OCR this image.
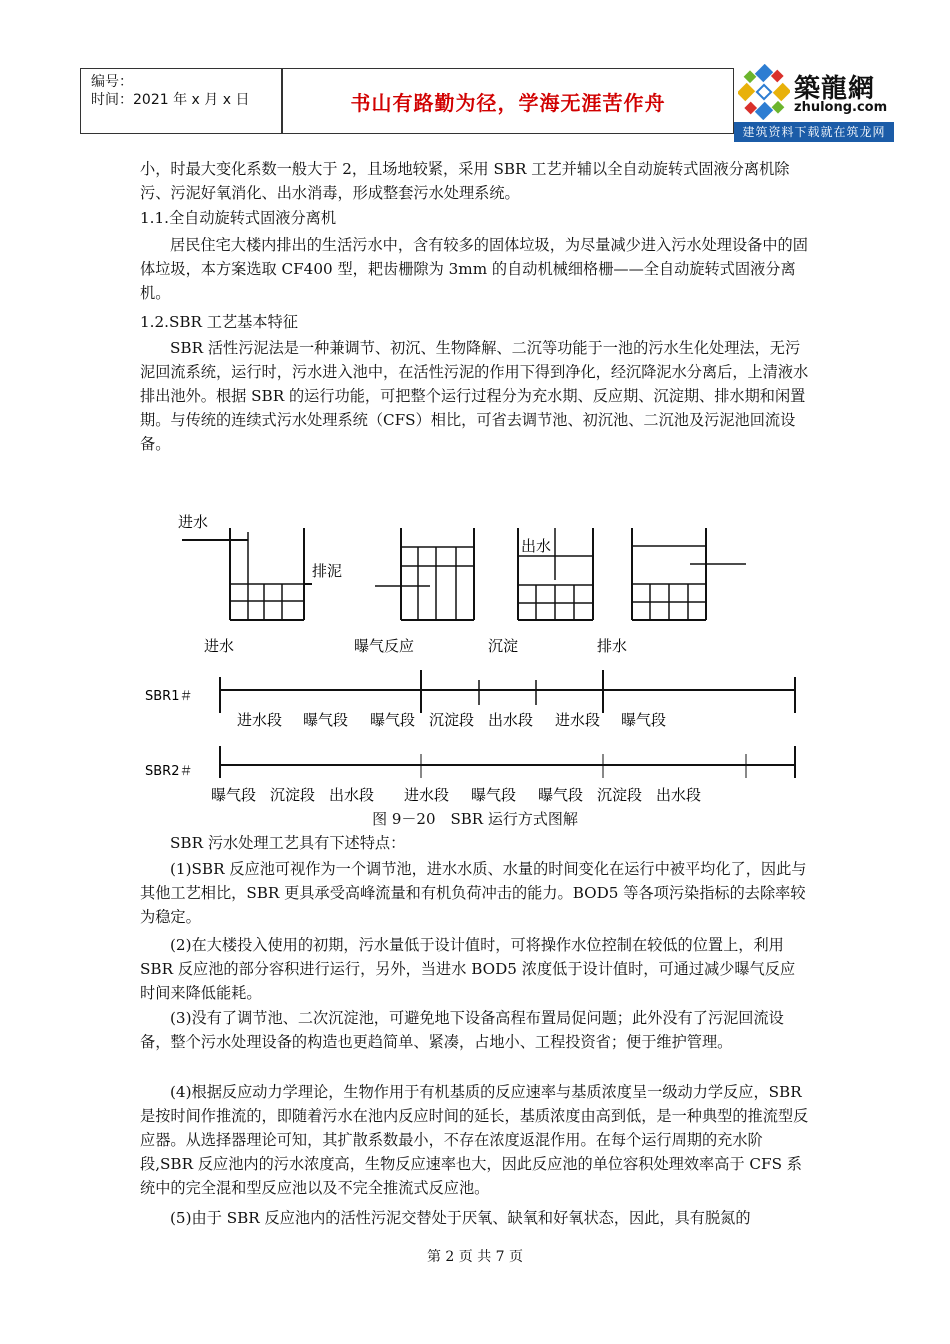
编号：
时间：2021 年 x 月 x 日	书山有路勤为径，学海无涯苦作舟	築龍網
zhulong.com
建筑资料下载就在筑龙网

小，时最大变化系数一般大于 2，且场地较紧，采用 SBR 工艺并辅以全自动旋转式固液分离机除污、污泥好氧消化、出水消毒，形成整套污水处理系统。

1.1.全自动旋转式固液分离机

居民住宅大楼内排出的生活污水中，含有较多的固体垃圾，为尽量减少进入污水处理设备中的固体垃圾，本方案选取 CF400 型，耙齿栅隙为 3mm 的自动机械细格栅——全自动旋转式固液分离机。

1.2.SBR 工艺基本特征

SBR 活性污泥法是一种兼调节、初沉、生物降解、二沉等功能于一池的污水生化处理法，无污泥回流系统，运行时，污水进入池中，在活性污泥的作用下得到净化，经沉降泥水分离后，上清液水排出池外。根据 SBR 的运行功能，可把整个运行过程分为充水期、反应期、沉淀期、排水期和闲置期。与传统的连续式污水处理系统（CFS）相比，可省去调节池、初沉池、二沉池及污泥池回流设备。

进水
排泥
出水
进水	曝气反应	沉淀	排水
SBR1＃
进水段 曝气段 曝气段 沉淀段 出水段 进水段 曝气段
SBR2＃
曝气段 沉淀段 出水段 进水段 曝气段 曝气段 沉淀段 出水段
图 9－20　SBR 运行方式图解

SBR 污水处理工艺具有下述特点：

(1)SBR 反应池可视作为一个调节池，进水水质、水量的时间变化在运行中被平均化了，因此与其他工艺相比，SBR 更具承受高峰流量和有机负荷冲击的能力。BOD5 等各项污染指标的去除率较为稳定。

(2)在大楼投入使用的初期，污水量低于设计值时，可将操作水位控制在较低的位置上，利用 SBR 反应池的部分容积进行运行，另外，当进水 BOD5 浓度低于设计值时，可通过减少曝气反应时间来降低能耗。

(3)没有了调节池、二次沉淀池，可避免地下设备高程布置局促问题；此外没有了污泥回流设备，整个污水处理设备的构造也更趋简单、紧凑，占地小、工程投资省；便于维护管理。

(4)根据反应动力学理论，生物作用于有机基质的反应速率与基质浓度呈一级动力学反应，SBR 是按时间作推流的，即随着污水在池内反应时间的延长，基质浓度由高到低，是一种典型的推流型反应器。从选择器理论可知，其扩散系数最小，不存在浓度返混作用。在每个运行周期的充水阶段,SBR 反应池内的污水浓度高，生物反应速率也大，因此反应池的单位容积处理效率高于 CFS 系统中的完全混和型反应池以及不完全推流式反应池。

(5)由于 SBR 反应池内的活性污泥交替处于厌氧、缺氧和好氧状态，因此，具有脱氮的

第 2 页 共 7 页
